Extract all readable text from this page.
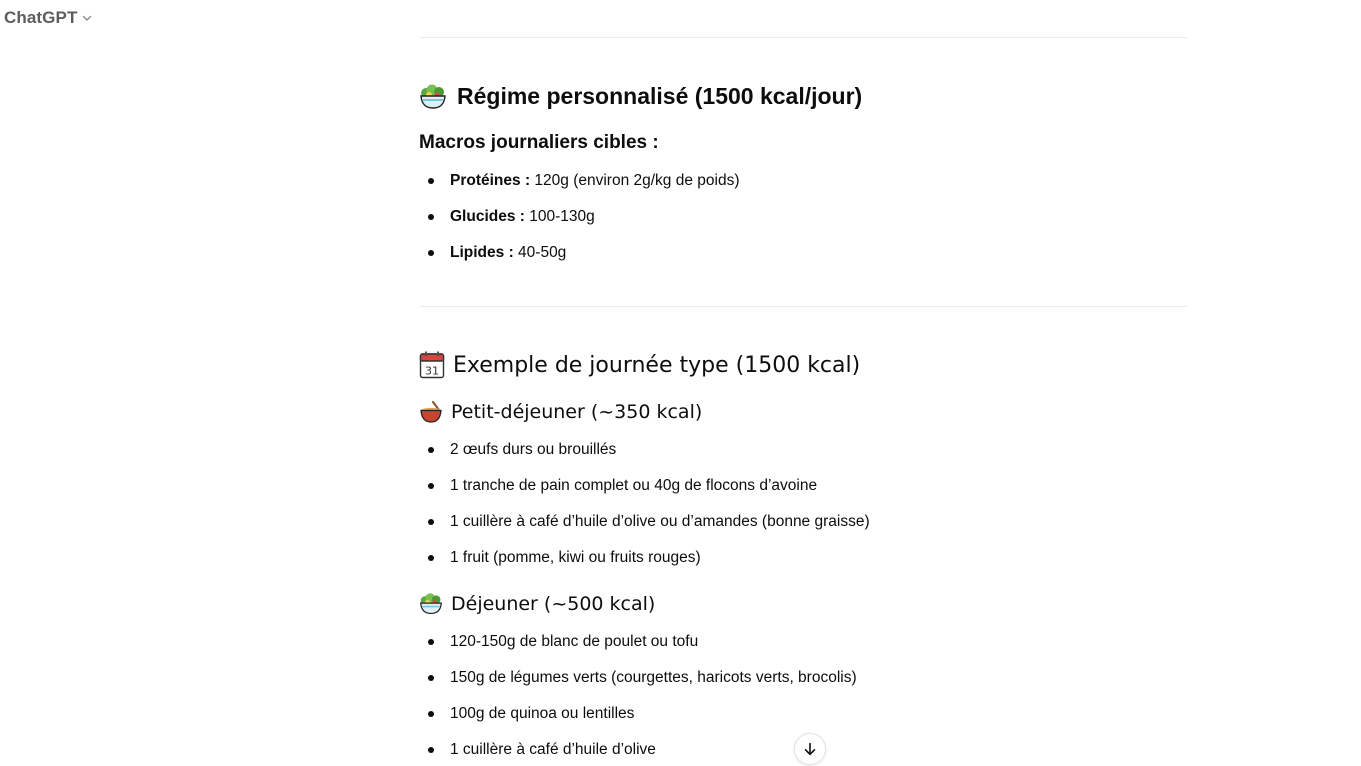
ChatGPT
Régime personnalisé (1500 kcal/jour)
Macros journaliers cibles :
Protéines : 120g (environ 2g/kg de poids)
Glucides : 100-130g
Lipides : 40-50g
31 Exemple de journée type (1500 kcal)
Petit-déjeuner (~350 kcal)
2 œufs durs ou brouillés
1 tranche de pain complet ou 40g de flocons d’avoine
1 cuillère à café d’huile d’olive ou d’amandes (bonne graisse)
1 fruit (pomme, kiwi ou fruits rouges)
Déjeuner (~500 kcal)
120-150g de blanc de poulet ou tofu
150g de légumes verts (courgettes, haricots verts, brocolis)
100g de quinoa ou lentilles
1 cuillère à café d’huile d’olive
